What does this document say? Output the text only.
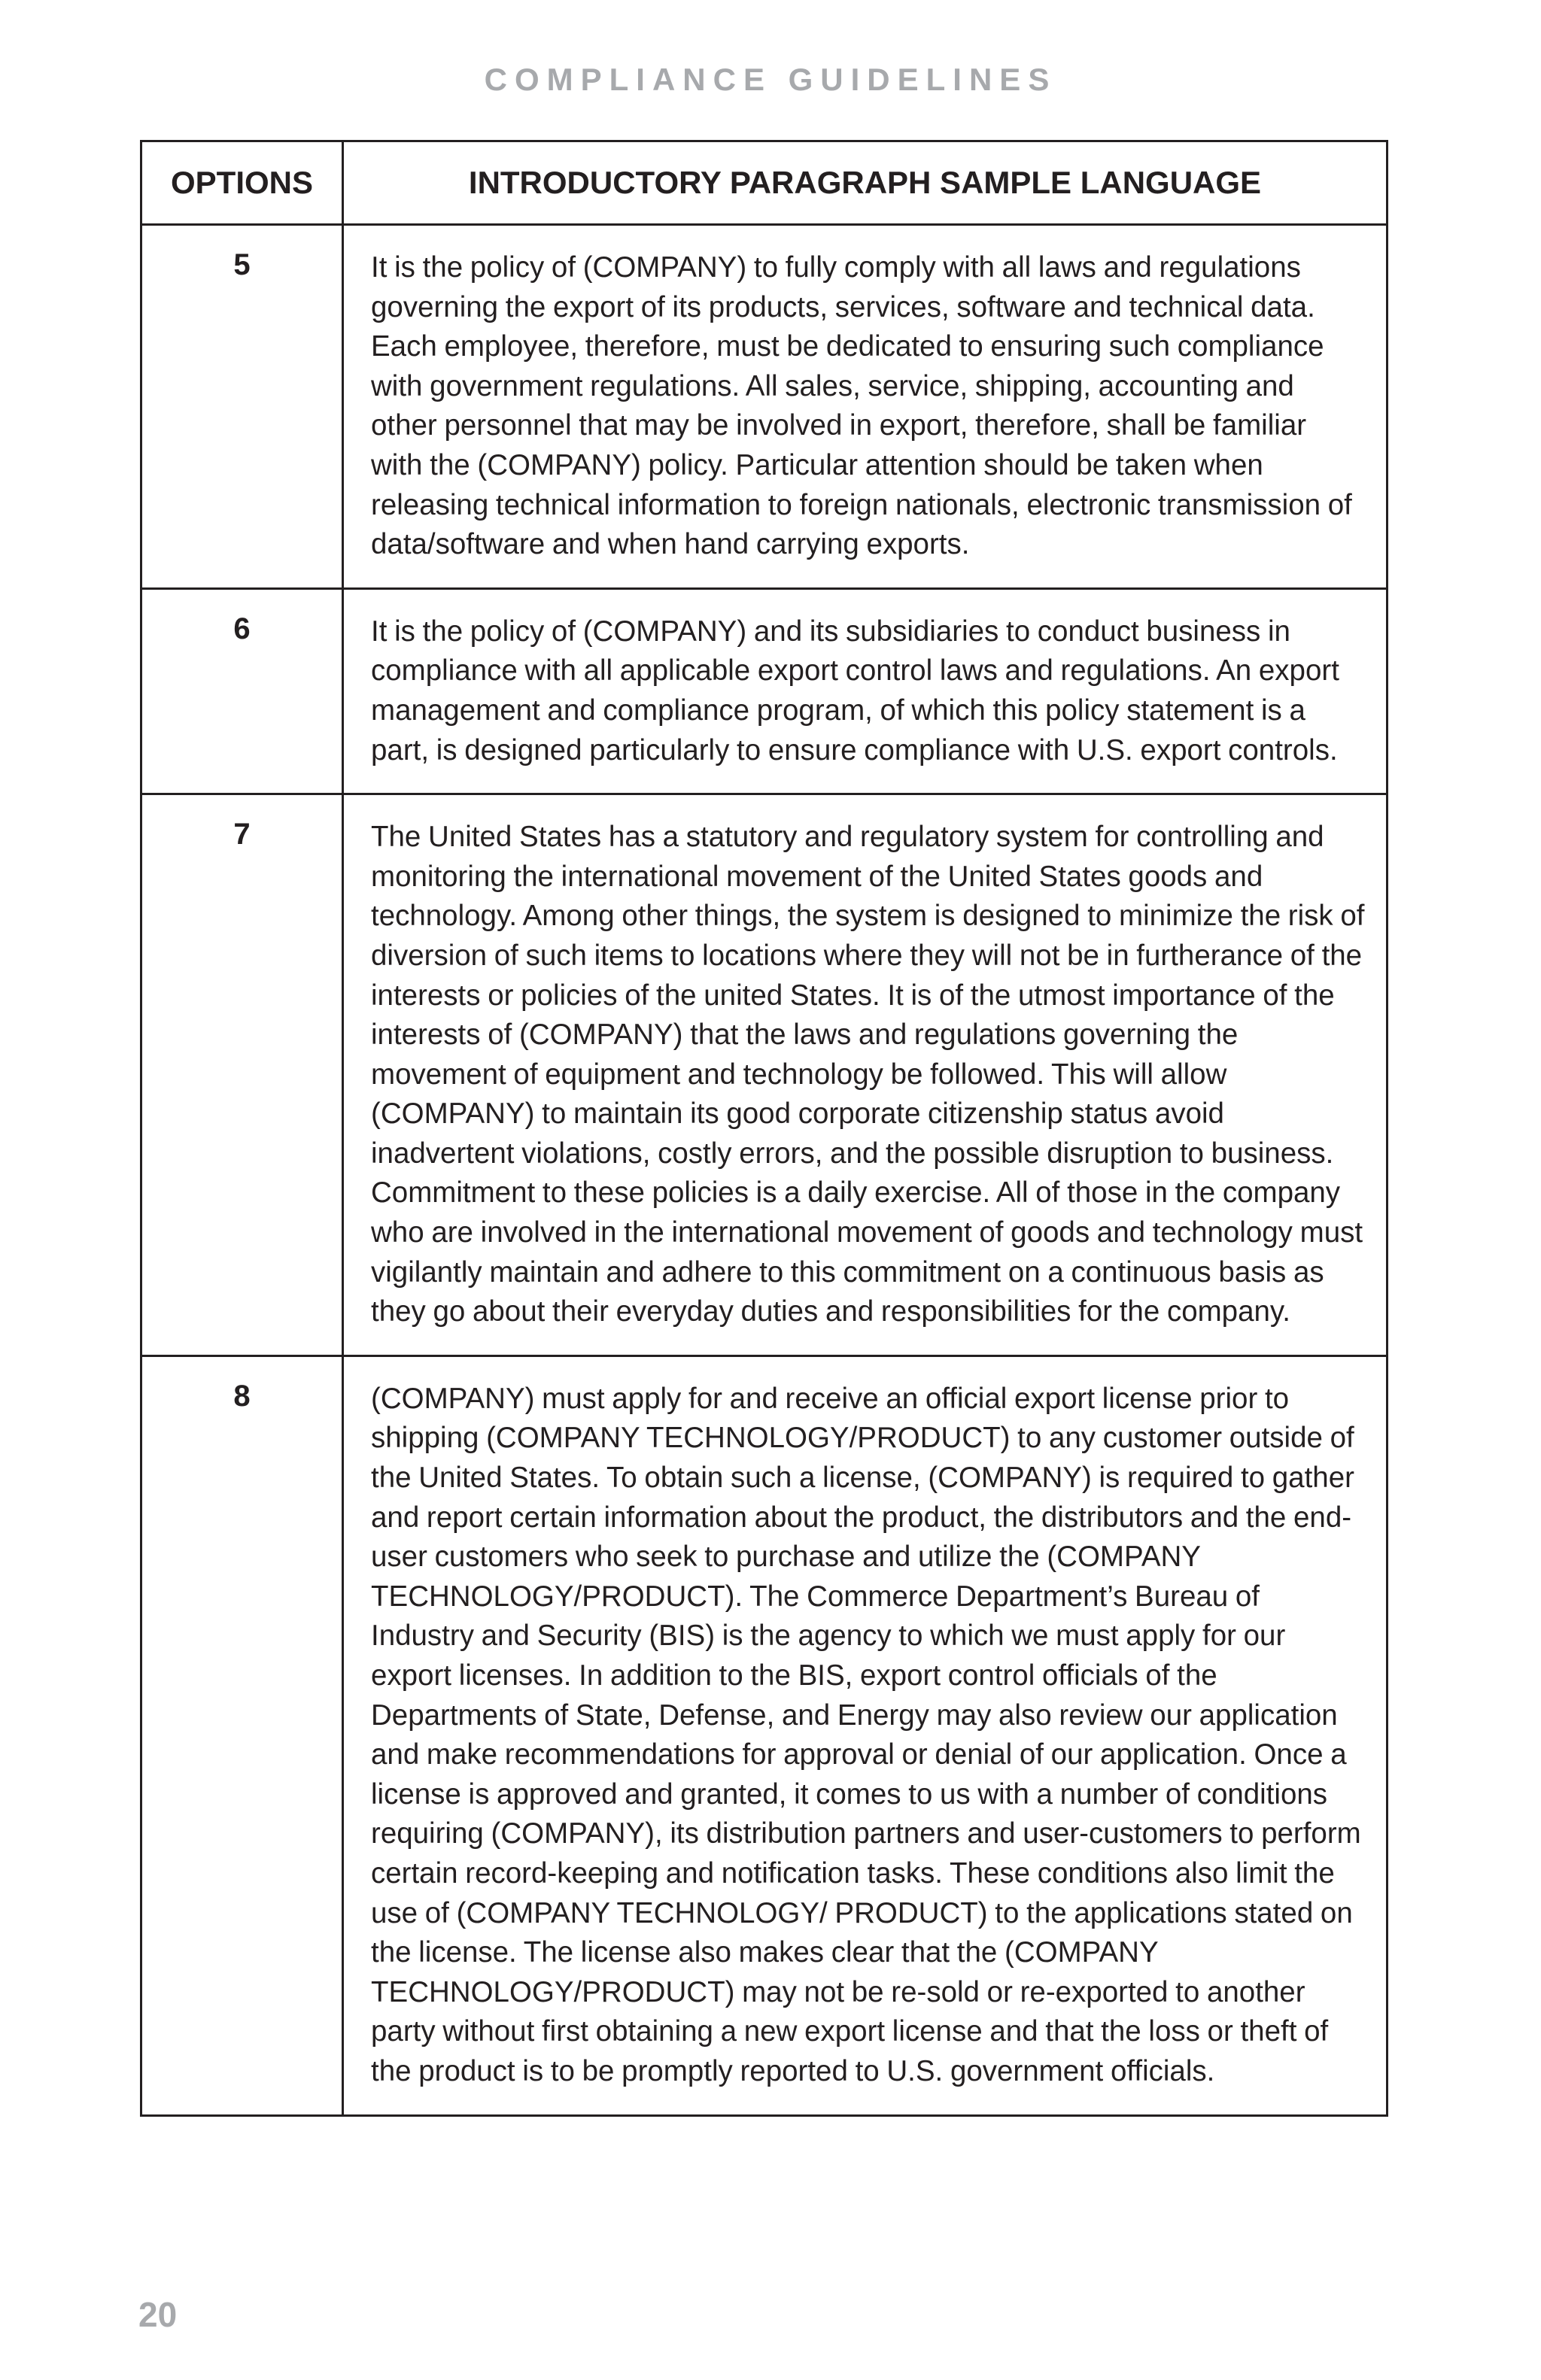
COMPLIANCE GUIDELINES
OPTIONS	INTRODUCTORY PARAGRAPH SAMPLE LANGUAGE
5	It is the policy of (COMPANY) to fully comply with all laws and regulations governing the export of its products, services, software and technical data. Each employee, therefore, must be dedicated to ensuring such compliance with government regulations. All sales, service, shipping, accounting and other personnel that may be involved in export, therefore, shall be familiar with the (COMPANY) policy. Particular attention should be taken when releasing technical information to foreign nationals, electronic transmission of data/software and when hand carrying exports.
6	It is the policy of (COMPANY) and its subsidiaries to conduct business in compliance with all applicable export control laws and regulations. An export management and compliance program, of which this policy statement is a part, is designed particularly to ensure compliance with U.S. export controls.
7	The United States has a statutory and regulatory system for controlling and monitoring the international movement of the United States goods and technology. Among other things, the system is designed to minimize the risk of diversion of such items to locations where they will not be in furtherance of the interests or policies of the united States. It is of the utmost importance of the interests of (COMPANY) that the laws and regulations governing the movement of equipment and technology be followed. This will allow (COMPANY) to maintain its good corporate citizenship status avoid inadvertent violations, costly errors, and the possible disruption to business. Commitment to these policies is a daily exercise. All of those in the company who are involved in the international movement of goods and technology must vigilantly maintain and adhere to this commitment on a continuous basis as they go about their everyday duties and responsibilities for the company.
8	(COMPANY) must apply for and receive an official export license prior to shipping (COMPANY TECHNOLOGY/PRODUCT) to any customer outside of the United States. To obtain such a license, (COMPANY) is required to gather and report certain information about the product, the distributors and the end-user customers who seek to purchase and utilize the (COMPANY TECHNOLOGY/PRODUCT). The Commerce Department’s Bureau of Industry and Security (BIS) is the agency to which we must apply for our export licenses. In addition to the BIS, export control officials of the Departments of State, Defense, and Energy may also review our application and make recommendations for approval or denial of our application. Once a license is approved and granted, it comes to us with a number of conditions requiring (COMPANY), its distribution partners and user-customers to perform certain record-keeping and notification tasks. These conditions also limit the use of (COMPANY TECHNOLOGY/ PRODUCT) to the applications stated on the license. The license also makes clear that the (COMPANY TECHNOLOGY/PRODUCT) may not be re-sold or re-exported to another party without first obtaining a new export license and that the loss or theft of the product is to be promptly reported to U.S. government officials.
20
